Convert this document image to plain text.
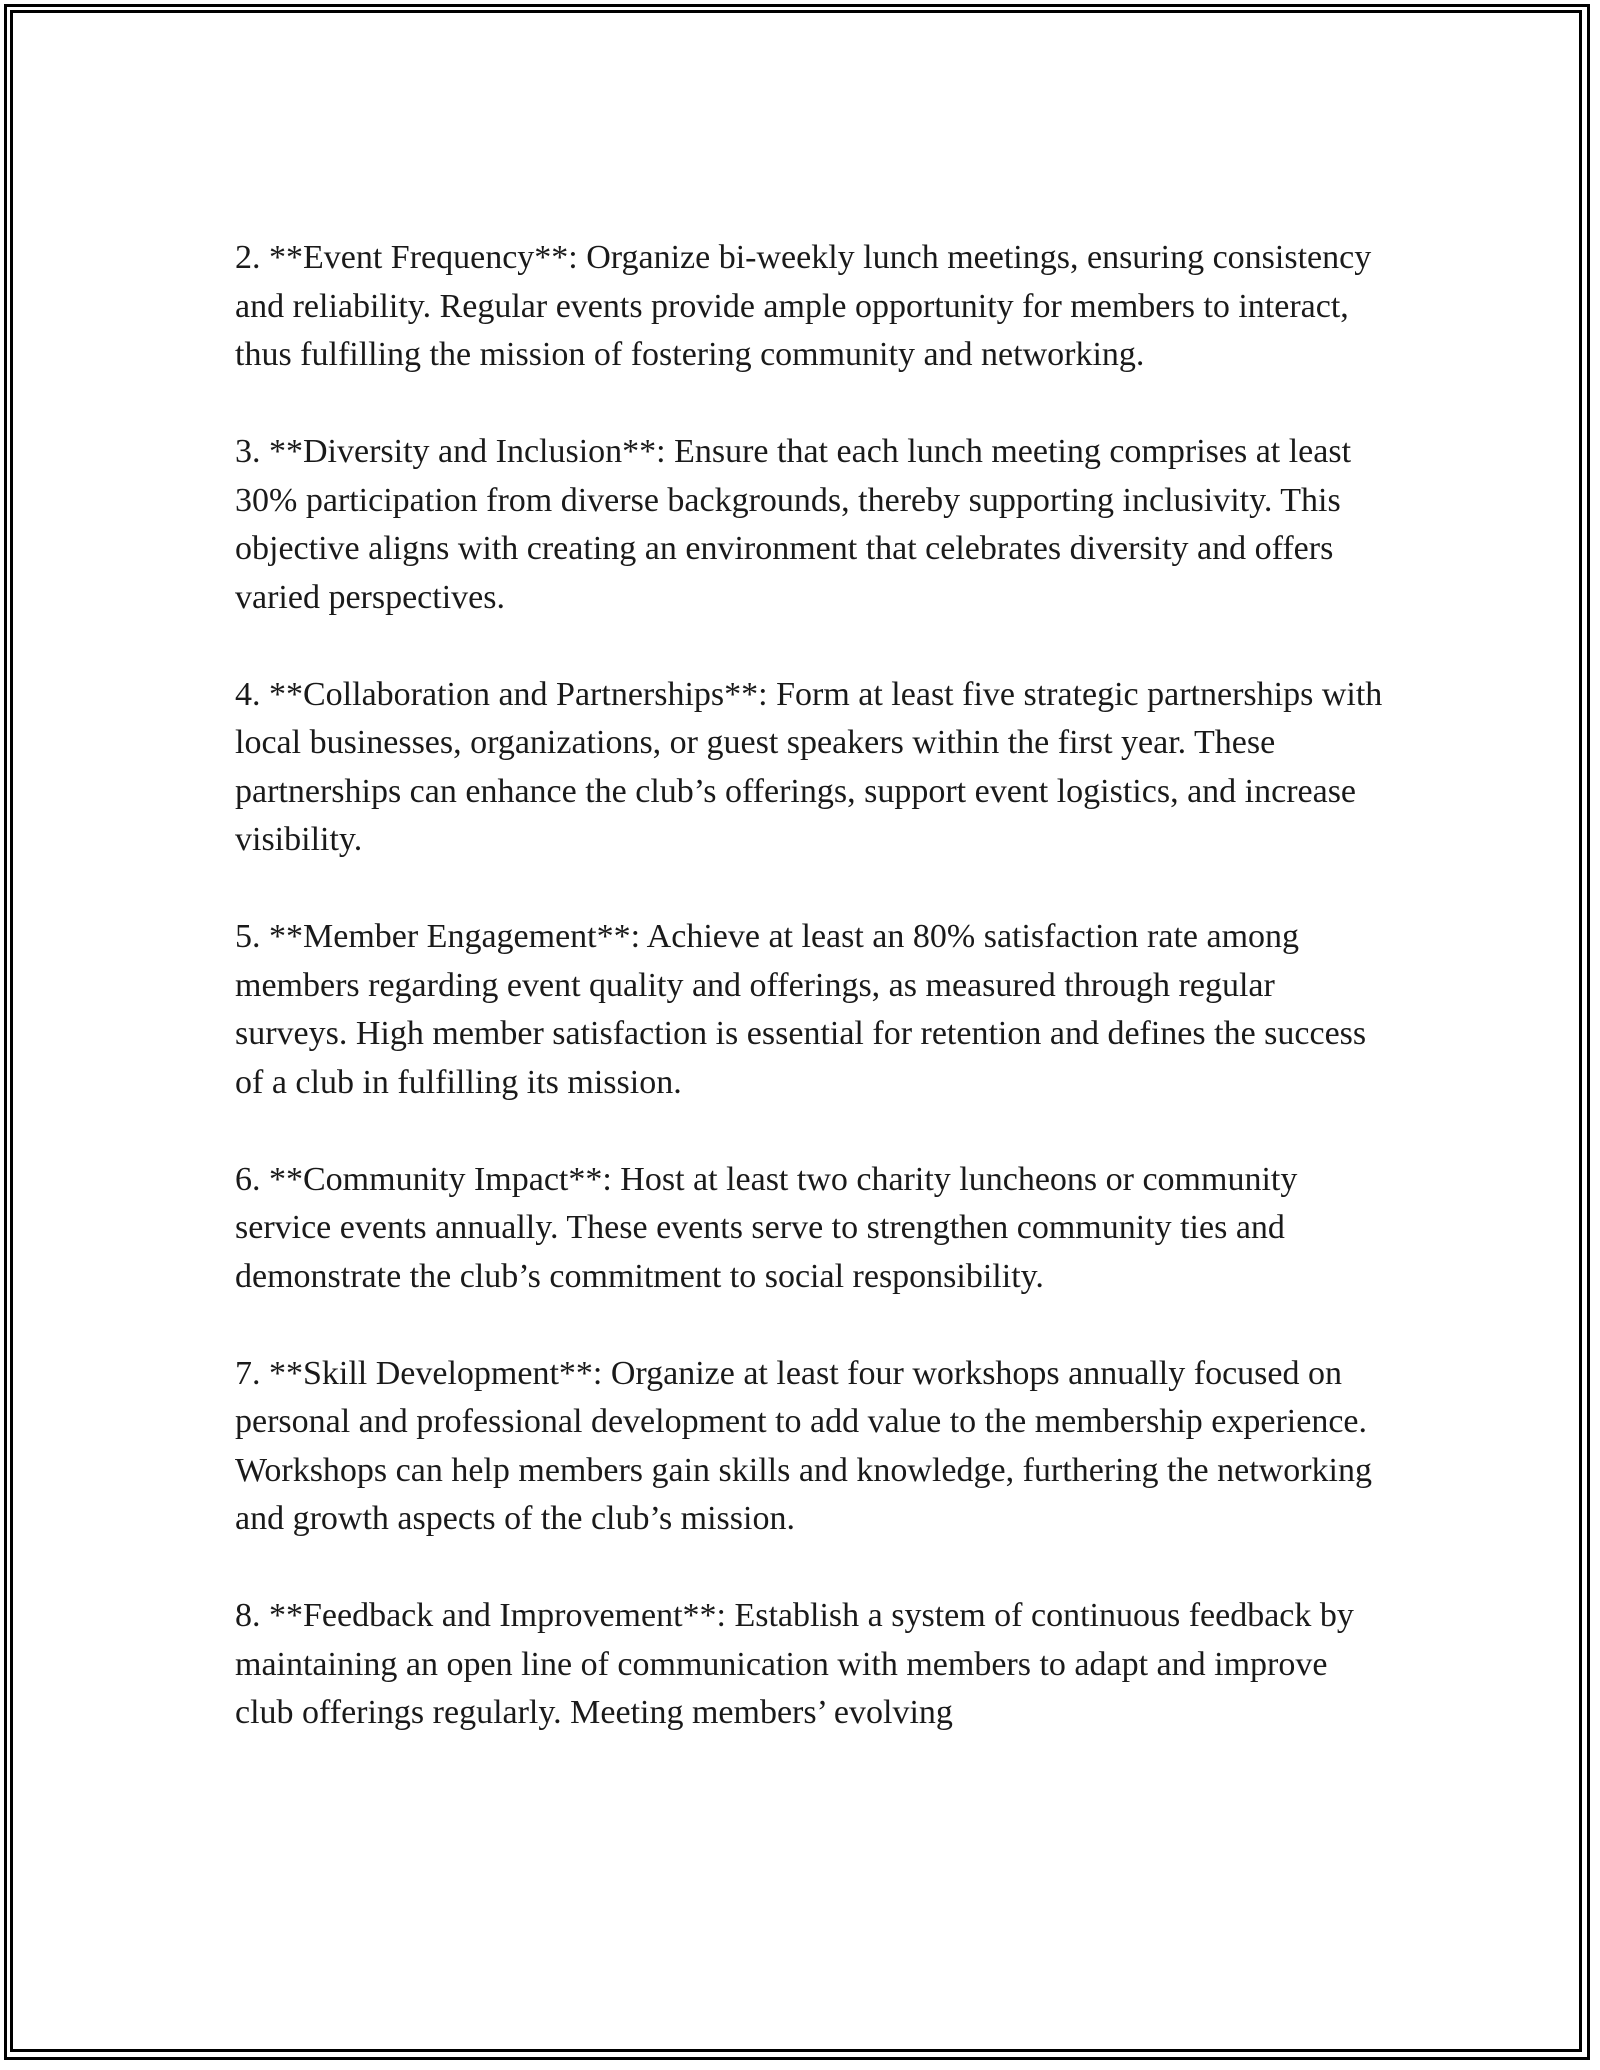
2. **Event Frequency**: Organize bi-weekly lunch meetings, ensuring consistency and reliability. Regular events provide ample opportunity for members to interact, thus fulfilling the mission of fostering community and networking.

3. **Diversity and Inclusion**: Ensure that each lunch meeting comprises at least 30% participation from diverse backgrounds, thereby supporting inclusivity. This objective aligns with creating an environment that celebrates diversity and offers varied perspectives.

4. **Collaboration and Partnerships**: Form at least five strategic partnerships with local businesses, organizations, or guest speakers within the first year. These partnerships can enhance the club’s offerings, support event logistics, and increase visibility.

5. **Member Engagement**: Achieve at least an 80% satisfaction rate among members regarding event quality and offerings, as measured through regular surveys. High member satisfaction is essential for retention and defines the success of a club in fulfilling its mission.

6. **Community Impact**: Host at least two charity luncheons or community service events annually. These events serve to strengthen community ties and demonstrate the club’s commitment to social responsibility.

7. **Skill Development**: Organize at least four workshops annually focused on personal and professional development to add value to the membership experience. Workshops can help members gain skills and knowledge, furthering the networking and growth aspects of the club’s mission.

8. **Feedback and Improvement**: Establish a system of continuous feedback by maintaining an open line of communication with members to adapt and improve club offerings regularly. Meeting members’ evolving
